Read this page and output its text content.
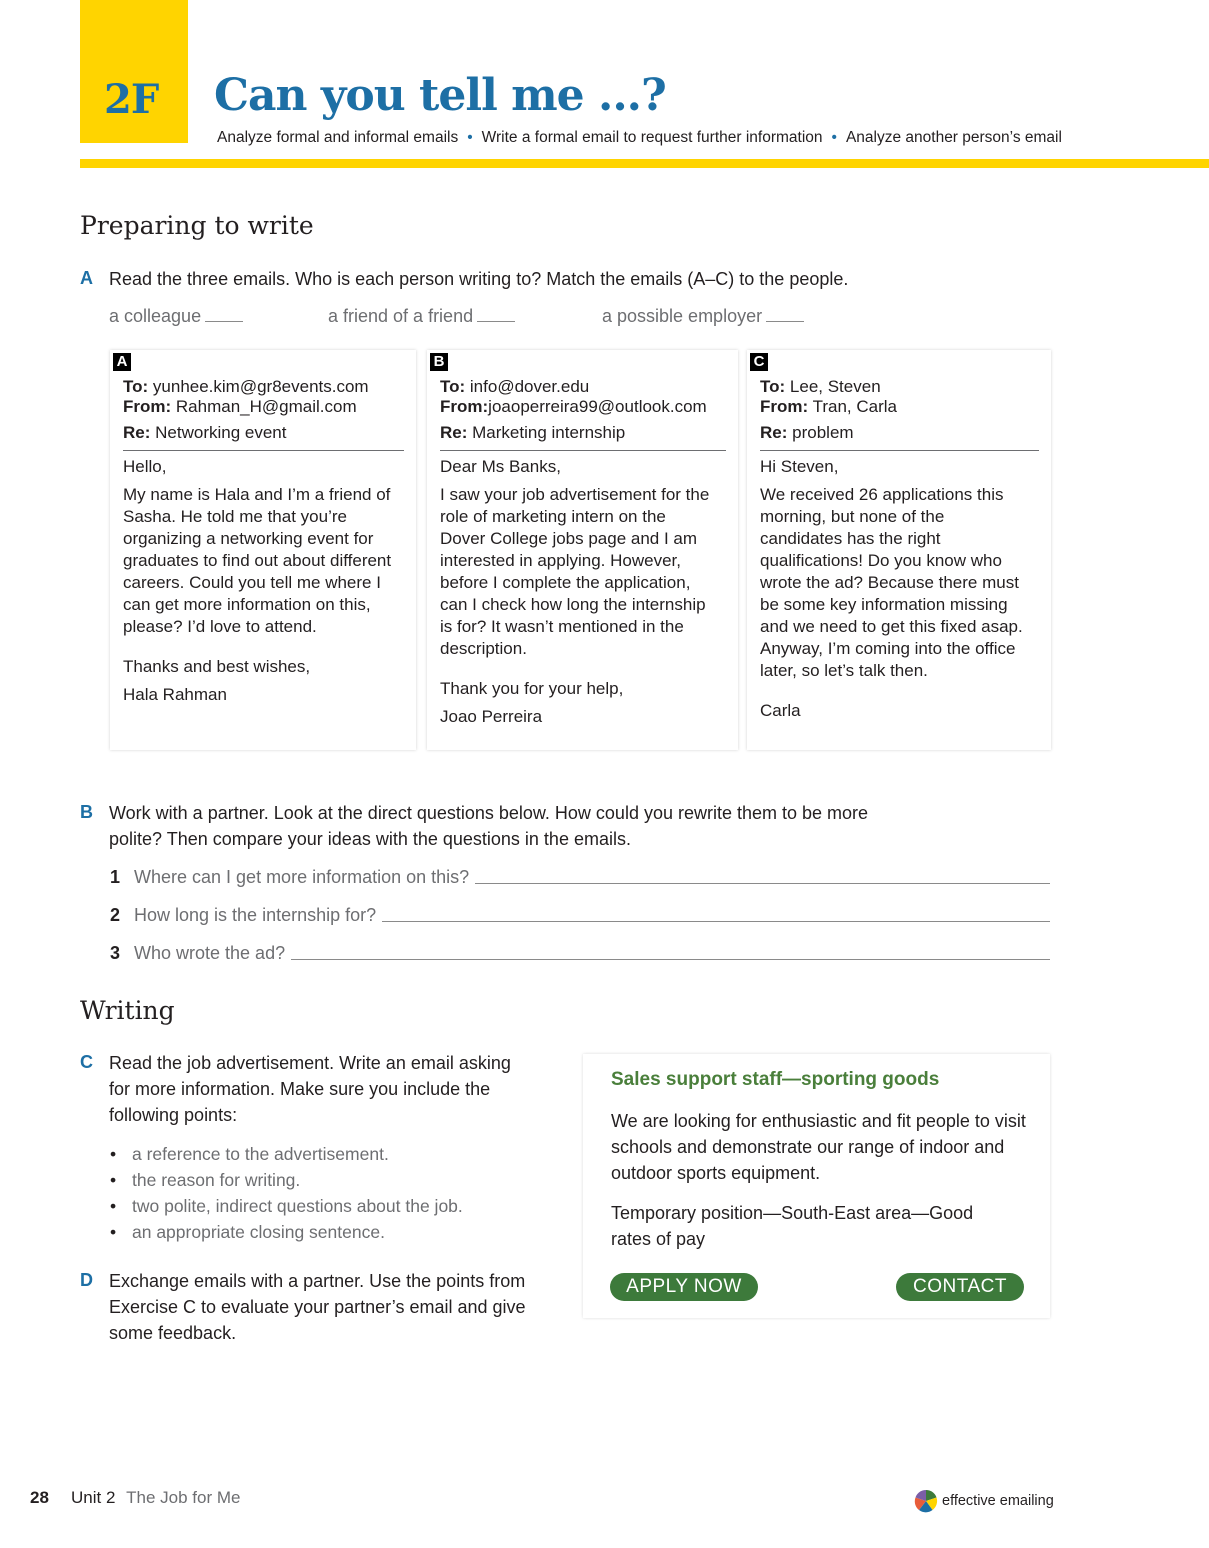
2F Can you tell me ...?
Analyze formal and informal emails • Write a formal email to request further information • Analyze another person’s email
Preparing to write
A Read the three emails. Who is each person writing to? Match the emails (A–C) to the people.
a colleague	a friend of a friend	a possible employer
A
To: yunhee.kim@gr8events.com
From: Rahman_H@gmail.com
Re: Networking event

Hello,

My name is Hala and I’m a friend of Sasha. He told me that you’re organizing a networking event for graduates to find out about different careers. Could you tell me where I can get more information on this, please? I’d love to attend.

Thanks and best wishes,

Hala Rahman

B
To: info@dover.edu
From:joaoperreira99@outlook.com
Re: Marketing internship

Dear Ms Banks,

I saw your job advertisement for the role of marketing intern on the Dover College jobs page and I am interested in applying. However, before I complete the application, can I check how long the internship is for? It wasn’t mentioned in the description.

Thank you for your help,

Joao Perreira

C
To: Lee, Steven
From: Tran, Carla
Re: problem

Hi Steven,

We received 26 applications this morning, but none of the candidates has the right qualifications! Do you know who wrote the ad? Because there must be some key information missing and we need to get this fixed asap. Anyway, I’m coming into the office later, so let’s talk then.

Carla

B Work with a partner. Look at the direct questions below. How could you rewrite them to be more polite? Then compare your ideas with the questions in the emails.
1 Where can I get more information on this?
2 How long is the internship for?
3 Who wrote the ad?
Writing
C Read the job advertisement. Write an email asking for more information. Make sure you include the following points:
• a reference to the advertisement.
• the reason for writing.
• two polite, indirect questions about the job.
• an appropriate closing sentence.
D Exchange emails with a partner. Use the points from Exercise C to evaluate your partner’s email and give some feedback.
Sales support staff—sporting goods
We are looking for enthusiastic and fit people to visit schools and demonstrate our range of indoor and outdoor sports equipment.
Temporary position—South-East area—Good rates of pay
APPLY NOW	CONTACT
28 Unit 2 The Job for Me	effective emailing
